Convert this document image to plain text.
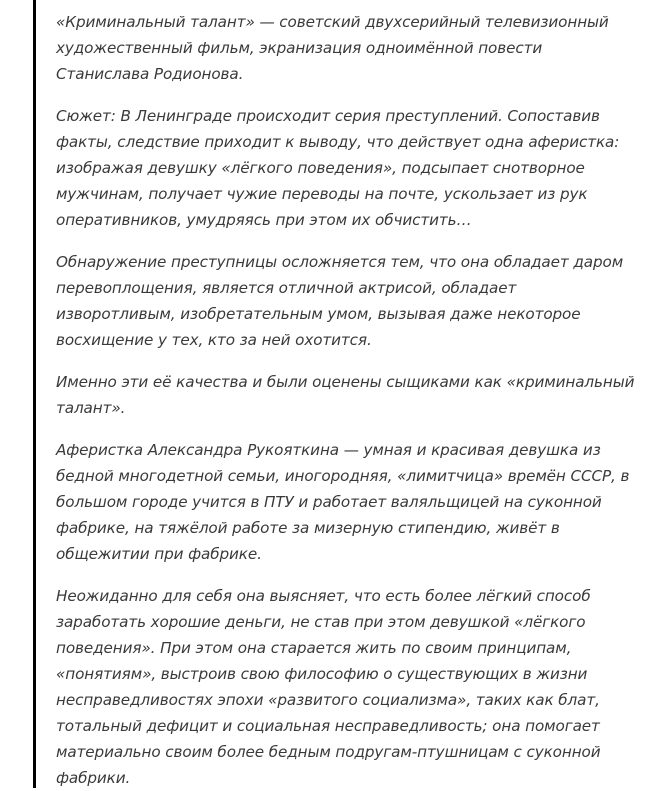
«Криминальный талант» — советский двухсерийный телевизионный художественный фильм, экранизация одноимённой повести Станислава Родионова.

Сюжет: В Ленинграде происходит серия преступлений. Сопоставив факты, следствие приходит к выводу, что действует одна аферистка: изображая девушку «лёгкого поведения», подсыпает снотворное мужчинам, получает чужие переводы на почте, ускользает из рук оперативников, умудряясь при этом их обчистить…

Обнаружение преступницы осложняется тем, что она обладает даром перевоплощения, является отличной актрисой, обладает изворотливым, изобретательным умом, вызывая даже некоторое восхищение у тех, кто за ней охотится.

Именно эти её качества и были оценены сыщиками как «криминальный талант».

Аферистка Александра Рукояткина — умная и красивая девушка из бедной многодетной семьи, иногородняя, «лимитчица» времён СССР, в большом городе учится в ПТУ и работает валяльщицей на суконной фабрике, на тяжёлой работе за мизерную стипендию, живёт в общежитии при фабрике.

Неожиданно для себя она выясняет, что есть более лёгкий способ заработать хорошие деньги, не став при этом девушкой «лёгкого поведения». При этом она старается жить по своим принципам, «понятиям», выстроив свою философию о существующих в жизни несправедливостях эпохи «развитого социализма», таких как блат, тотальный дефицит и социальная несправедливость; она помогает материально своим более бедным подругам-птушницам с суконной фабрики.
